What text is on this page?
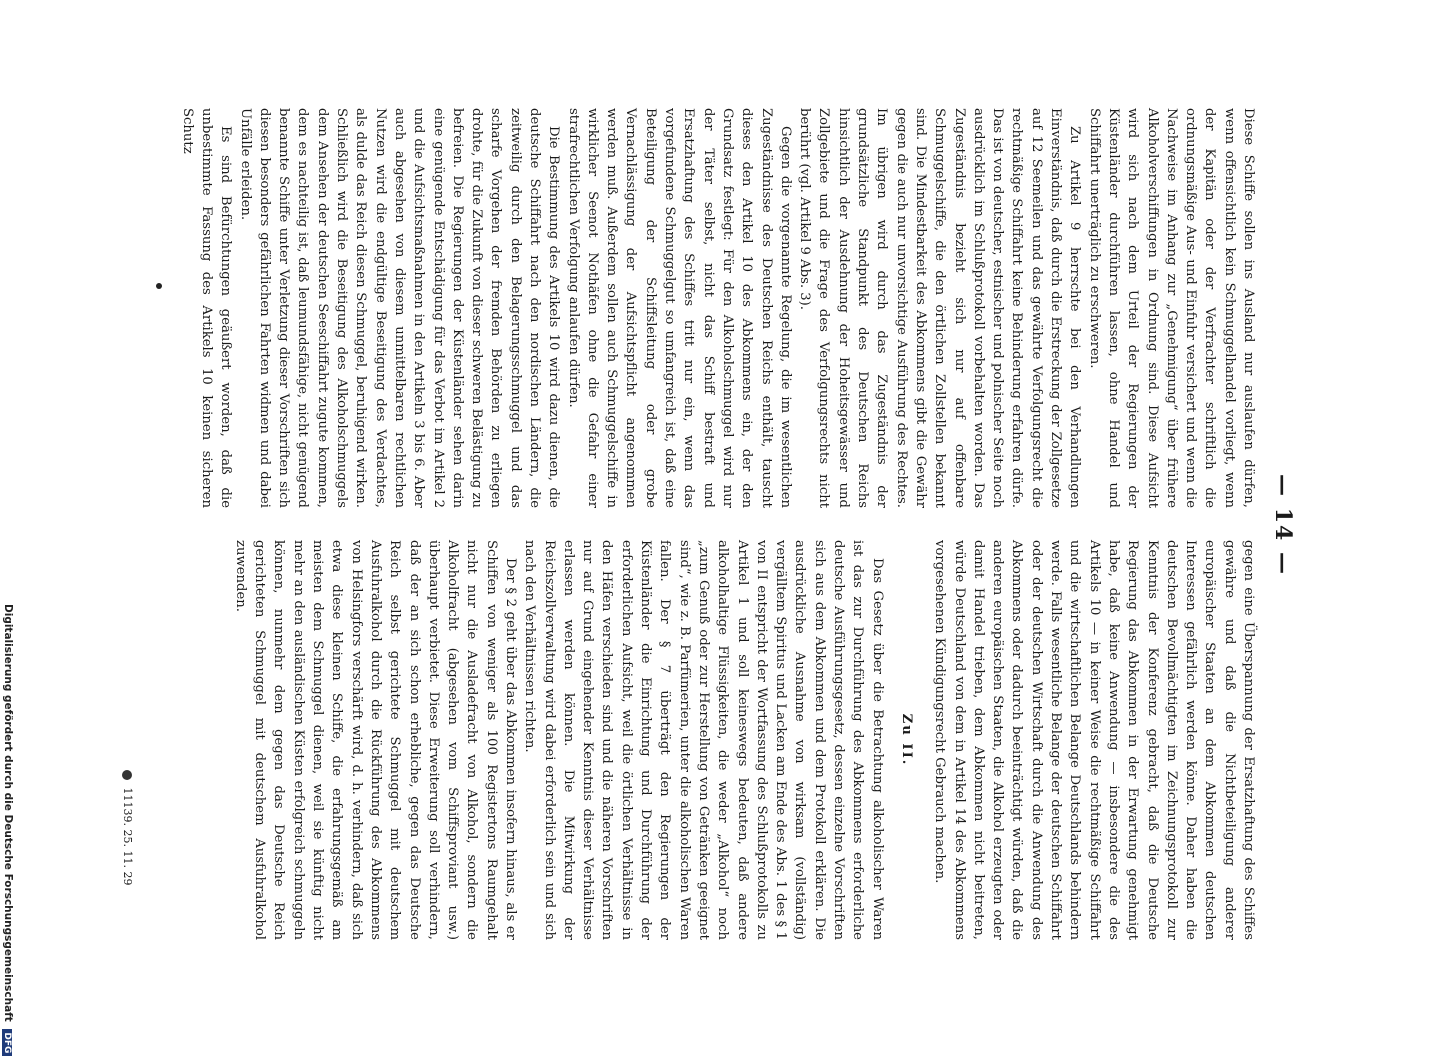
Digitalisierung gefördert durch die Deutsche Forschungsgemeinschaft DFG
11139. 25. 11. 29
— 14 —

Diese Schiffe sollen ins Ausland nur auslaufen dürfen, wenn offensichtlich kein Schmuggelhandel vorliegt, wenn der Kapitän oder der Verfrachter schriftlich die ordnungsmäßige Aus- und Einfuhr versichert und wenn die Nachweise im Anhang zur „Genehmigung“ über frühere Alkoholverschiffungen in Ordnung sind. Diese Aufsicht wird sich nach dem Urteil der Regierungen der Küstenländer durchführen lassen, ohne Handel und Schiffahrt unerträglich zu erschweren.

Zu Artikel 9 herrschte bei den Verhandlungen Einverständnis, daß durch die Erstreckung der Zollgesetze auf 12 Seemeilen und das gewährte Verfolgungsrecht die rechtmäßige Schiffahrt keine Behinderung erfahren dürfe. Das ist von deutscher, estnischer und polnischer Seite noch ausdrücklich im Schlußprotokoll vorbehalten worden. Das Zugeständnis bezieht sich nur auf offenbare Schmuggelschiffe, die den örtlichen Zollstellen bekannt sind. Die Mindestbarkeit des Abkommens gibt die Gewähr gegen die auch nur unvorsichtige Ausführung des Rechtes. Im übrigen wird durch das Zugeständnis der grundsätzliche Standpunkt des Deutschen Reichs hinsichtlich der Ausdehnung der Hoheitsgewässer und Zollgebiete und die Frage des Verfolgungsrechts nicht berührt (vgl. Artikel 9 Abs. 3).

Gegen die vorgenannte Regelung, die im wesentlichen Zugeständnisse des Deutschen Reichs enthält, tauscht dieses den Artikel 10 des Abkommens ein, der den Grundsatz festlegt: Für den Alkoholschmuggel wird nur der Täter selbst, nicht das Schiff bestraft und Ersatzhaftung des Schiffes tritt nur ein, wenn das vorgefundene Schmuggelgut so umfangreich ist, daß eine Beteiligung der Schiffsleitung oder grobe Vernachlässigung der Aufsichtspflicht angenommen werden muß. Außerdem sollen auch Schmuggelschiffe in wirklicher Seenot Nothäfen ohne die Gefahr einer strafrechtlichen Verfolgung anlaufen dürfen.

Die Bestimmung des Artikels 10 wird dazu dienen, die deutsche Schiffahrt nach den nordischen Ländern, die zeitweilig durch den Belagerungsschmuggel und das scharfe Vorgehen der fremden Behörden zu erliegen drohte, für die Zukunft von dieser schweren Belästigung zu befreien. Die Regierungen der Küstenländer sehen darin eine genügende Entschädigung für das Verbot im Artikel 2 und die Aufsichtsmaßnahmen in den Artikeln 3 bis 6. Aber auch abgesehen von diesem unmittelbaren rechtlichen Nutzen wird die endgültige Beseitigung des Verdachtes, als dulde das Reich diesen Schmuggel, beruhigend wirken. Schließlich wird die Beseitigung des Alkoholschmuggels dem Ansehen der deutschen Seeschiffahrt zugute kommen, dem es nachteilig ist, daß leumundsfähige, nicht genügend benannte Schiffe unter Verletzung dieser Vorschriften sich diesen besonders gefährlichen Fahrten widmen und dabei Unfälle erleiden.

Es sind Befürchtungen geäußert worden, daß die unbestimmte Fassung des Artikels 10 keinen sicheren Schutz

gegen eine Überspannung der Ersatzhaftung des Schiffes gewähre und daß die Nichtbeteiligung anderer europäischer Staaten an dem Abkommen deutschen Interessen gefährlich werden könne. Daher haben die deutschen Bevollmächtigten im Zeichnungsprotokoll zur Kenntnis der Konferenz gebracht, daß die Deutsche Regierung das Abkommen in der Erwartung genehmigt habe, daß keine Anwendung — insbesondere die des Artikels 10 — in keiner Weise die rechtmäßige Schiffahrt und die wirtschaftlichen Belange Deutschlands behindern werde. Falls wesentliche Belange der deutschen Schiffahrt oder der deutschen Wirtschaft durch die Anwendung des Abkommens oder dadurch beeinträchtigt würden, daß die anderen europäischen Staaten, die Alkohol erzeugten oder damit Handel trieben, dem Abkommen nicht beitreten, würde Deutschland von dem in Artikel 14 des Abkommens vorgesehenen Kündigungsrecht Gebrauch machen.

Zu II.

Das Gesetz über die Betrachtung alkoholischer Waren ist das zur Durchführung des Abkommens erforderliche deutsche Ausführungsgesetz, dessen einzelne Vorschriften sich aus dem Abkommen und dem Protokoll erklären. Die ausdrückliche Ausnahme von wirksam (vollständig) vergälltem Spiritus und Lacken am Ende des Abs. 1 des § 1 von II entspricht der Wortfassung des Schlußprotokolls zu Artikel 1 und soll keineswegs bedeuten, daß andere alkoholhaltige Flüssigkeiten, die weder „Alkohol“ noch „zum Genuß oder zur Herstellung von Getränken geeignet sind“, wie z. B. Parfümerien, unter die alkoholischen Waren fallen. Der § 7 überträgt den Regierungen der Küstenländer die Einrichtung und Durchführung der erforderlichen Aufsicht, weil die örtlichen Verhältnisse in den Häfen verschieden sind und die näheren Vorschriften nur auf Grund eingehender Kenntnis dieser Verhältnisse erlassen werden können. Die Mitwirkung der Reichszollverwaltung wird dabei erforderlich sein und sich nach den Verhältnissen richten.

Der § 2 geht über das Abkommen insofern hinaus, als er Schiffen von weniger als 100 Registertons Raumgehalt nicht nur die Ausladefracht von Alkohol, sondern die Alkoholfracht (abgesehen vom Schiffsproviant usw.) überhaupt verbietet. Diese Erweiterung soll verhindern, daß der an sich schon erhebliche, gegen das Deutsche Reich selbst gerichtete Schmuggel mit deutschem Ausfuhralkohol durch die Rückführung des Abkommens von Helsingfors verschärft wird, d. h. verhindern, daß sich etwa diese kleinen Schiffe, die erfahrungsgemäß am meisten dem Schmuggel dienen, weil sie künftig nicht mehr an den ausländischen Küsten erfolgreich schmuggeln können, nunmehr dem gegen das Deutsche Reich gerichteten Schmuggel mit deutschem Ausfuhralkohol zuwenden.
